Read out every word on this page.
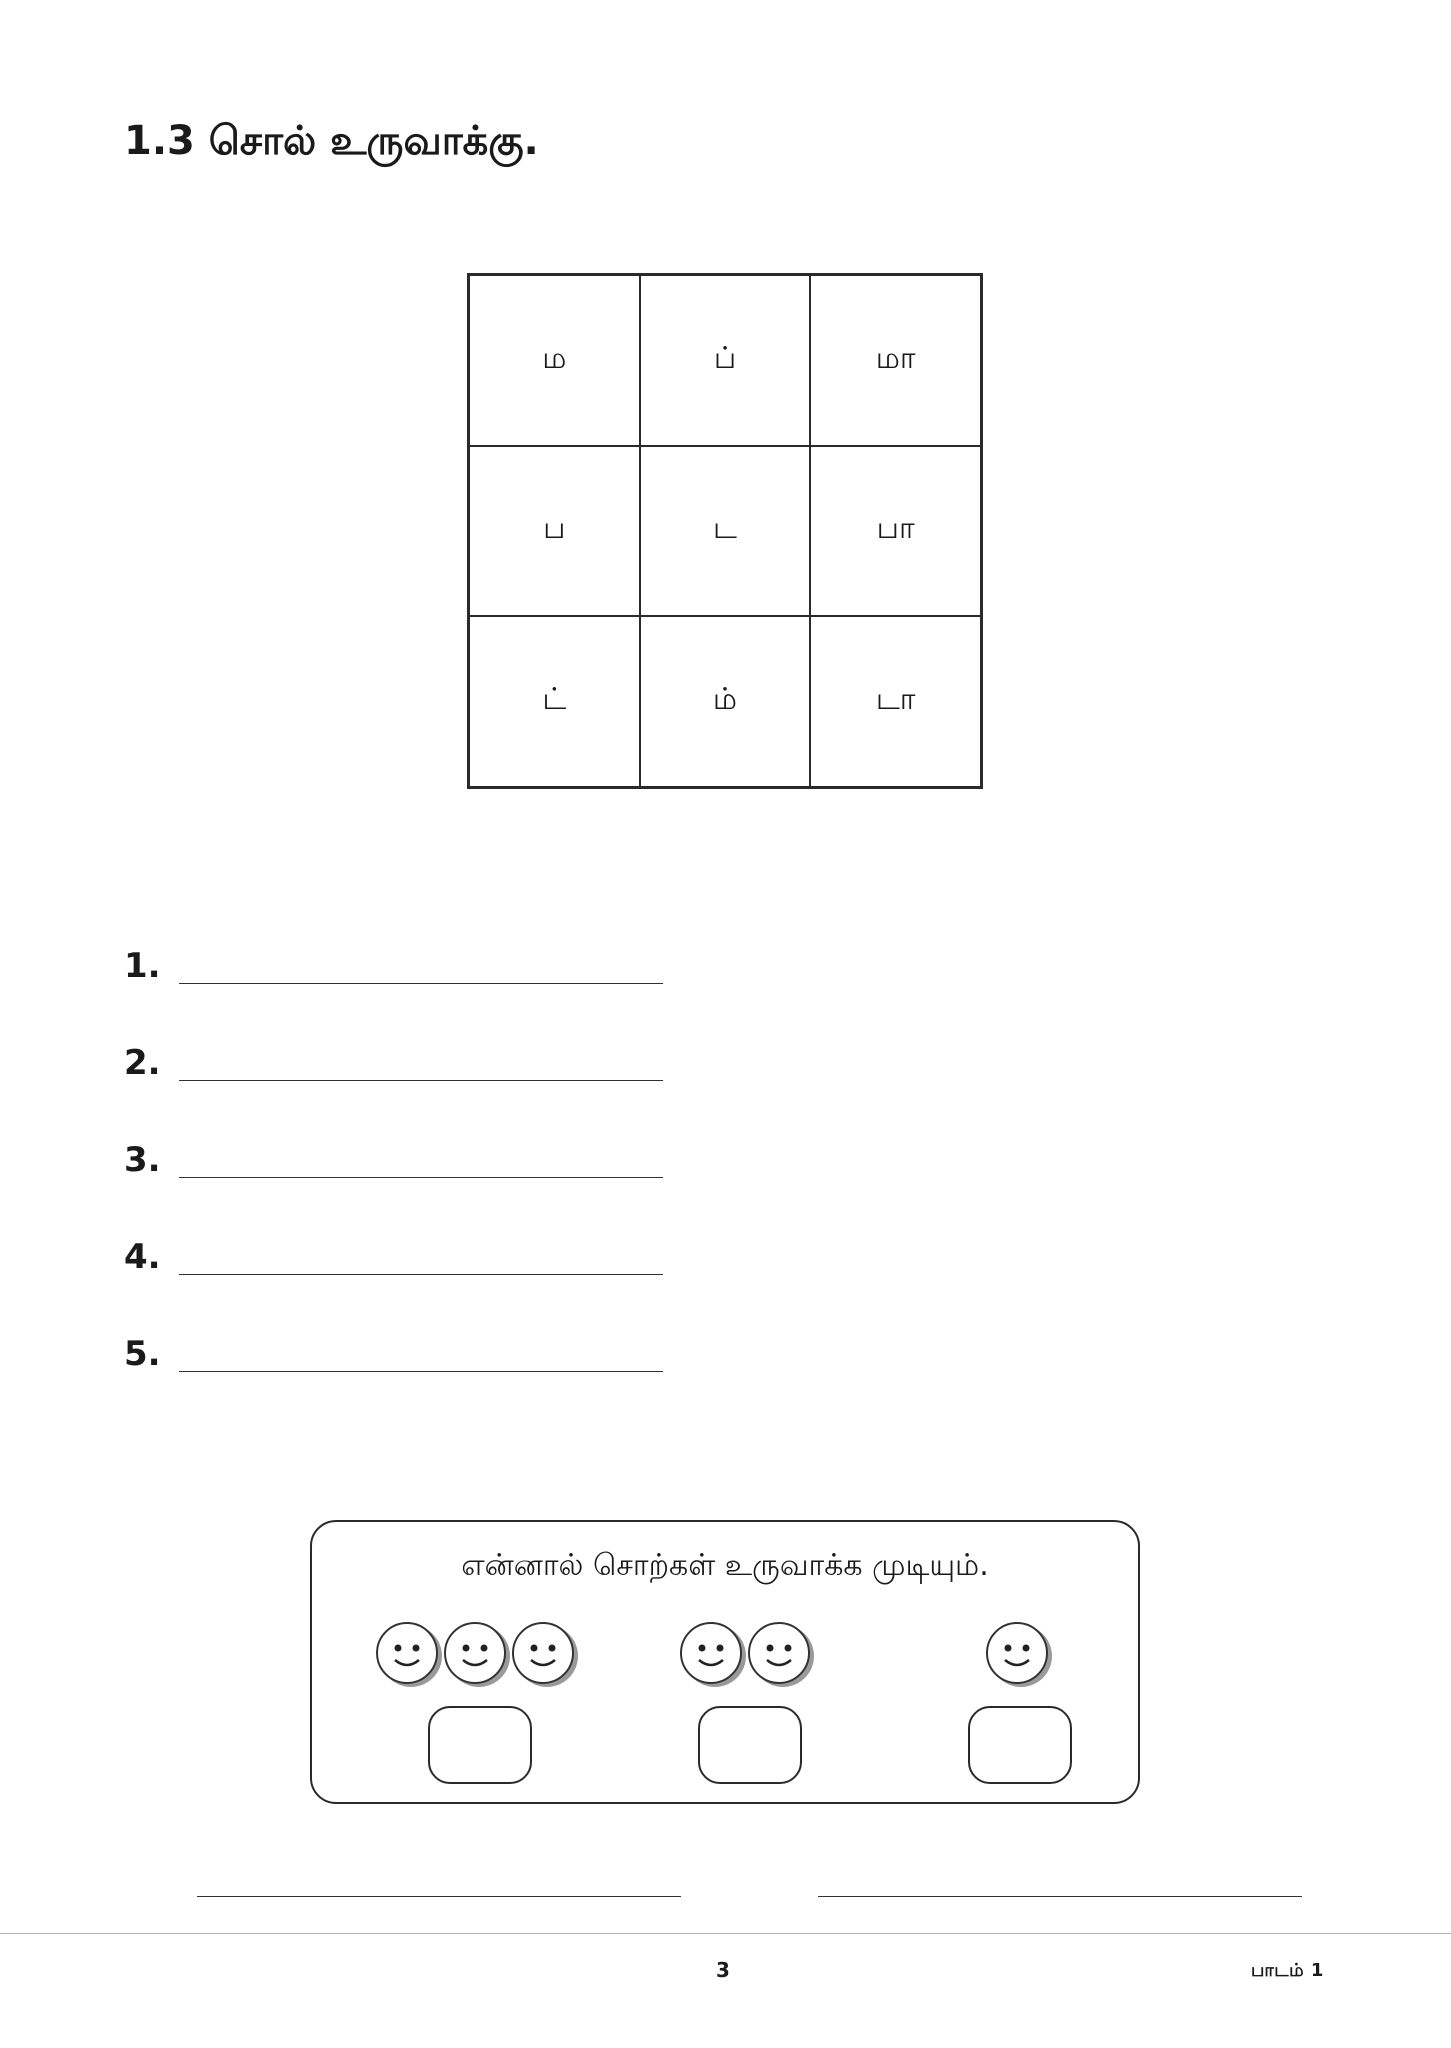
1.3 சொல் உருவாக்கு.
ம	ப்	மா
ப	ட	பா
ட்	ம்	டா
1.
2.
3.
4.
5.
என்னால் சொற்கள் உருவாக்க முடியும்.
3	பாடம் 1
